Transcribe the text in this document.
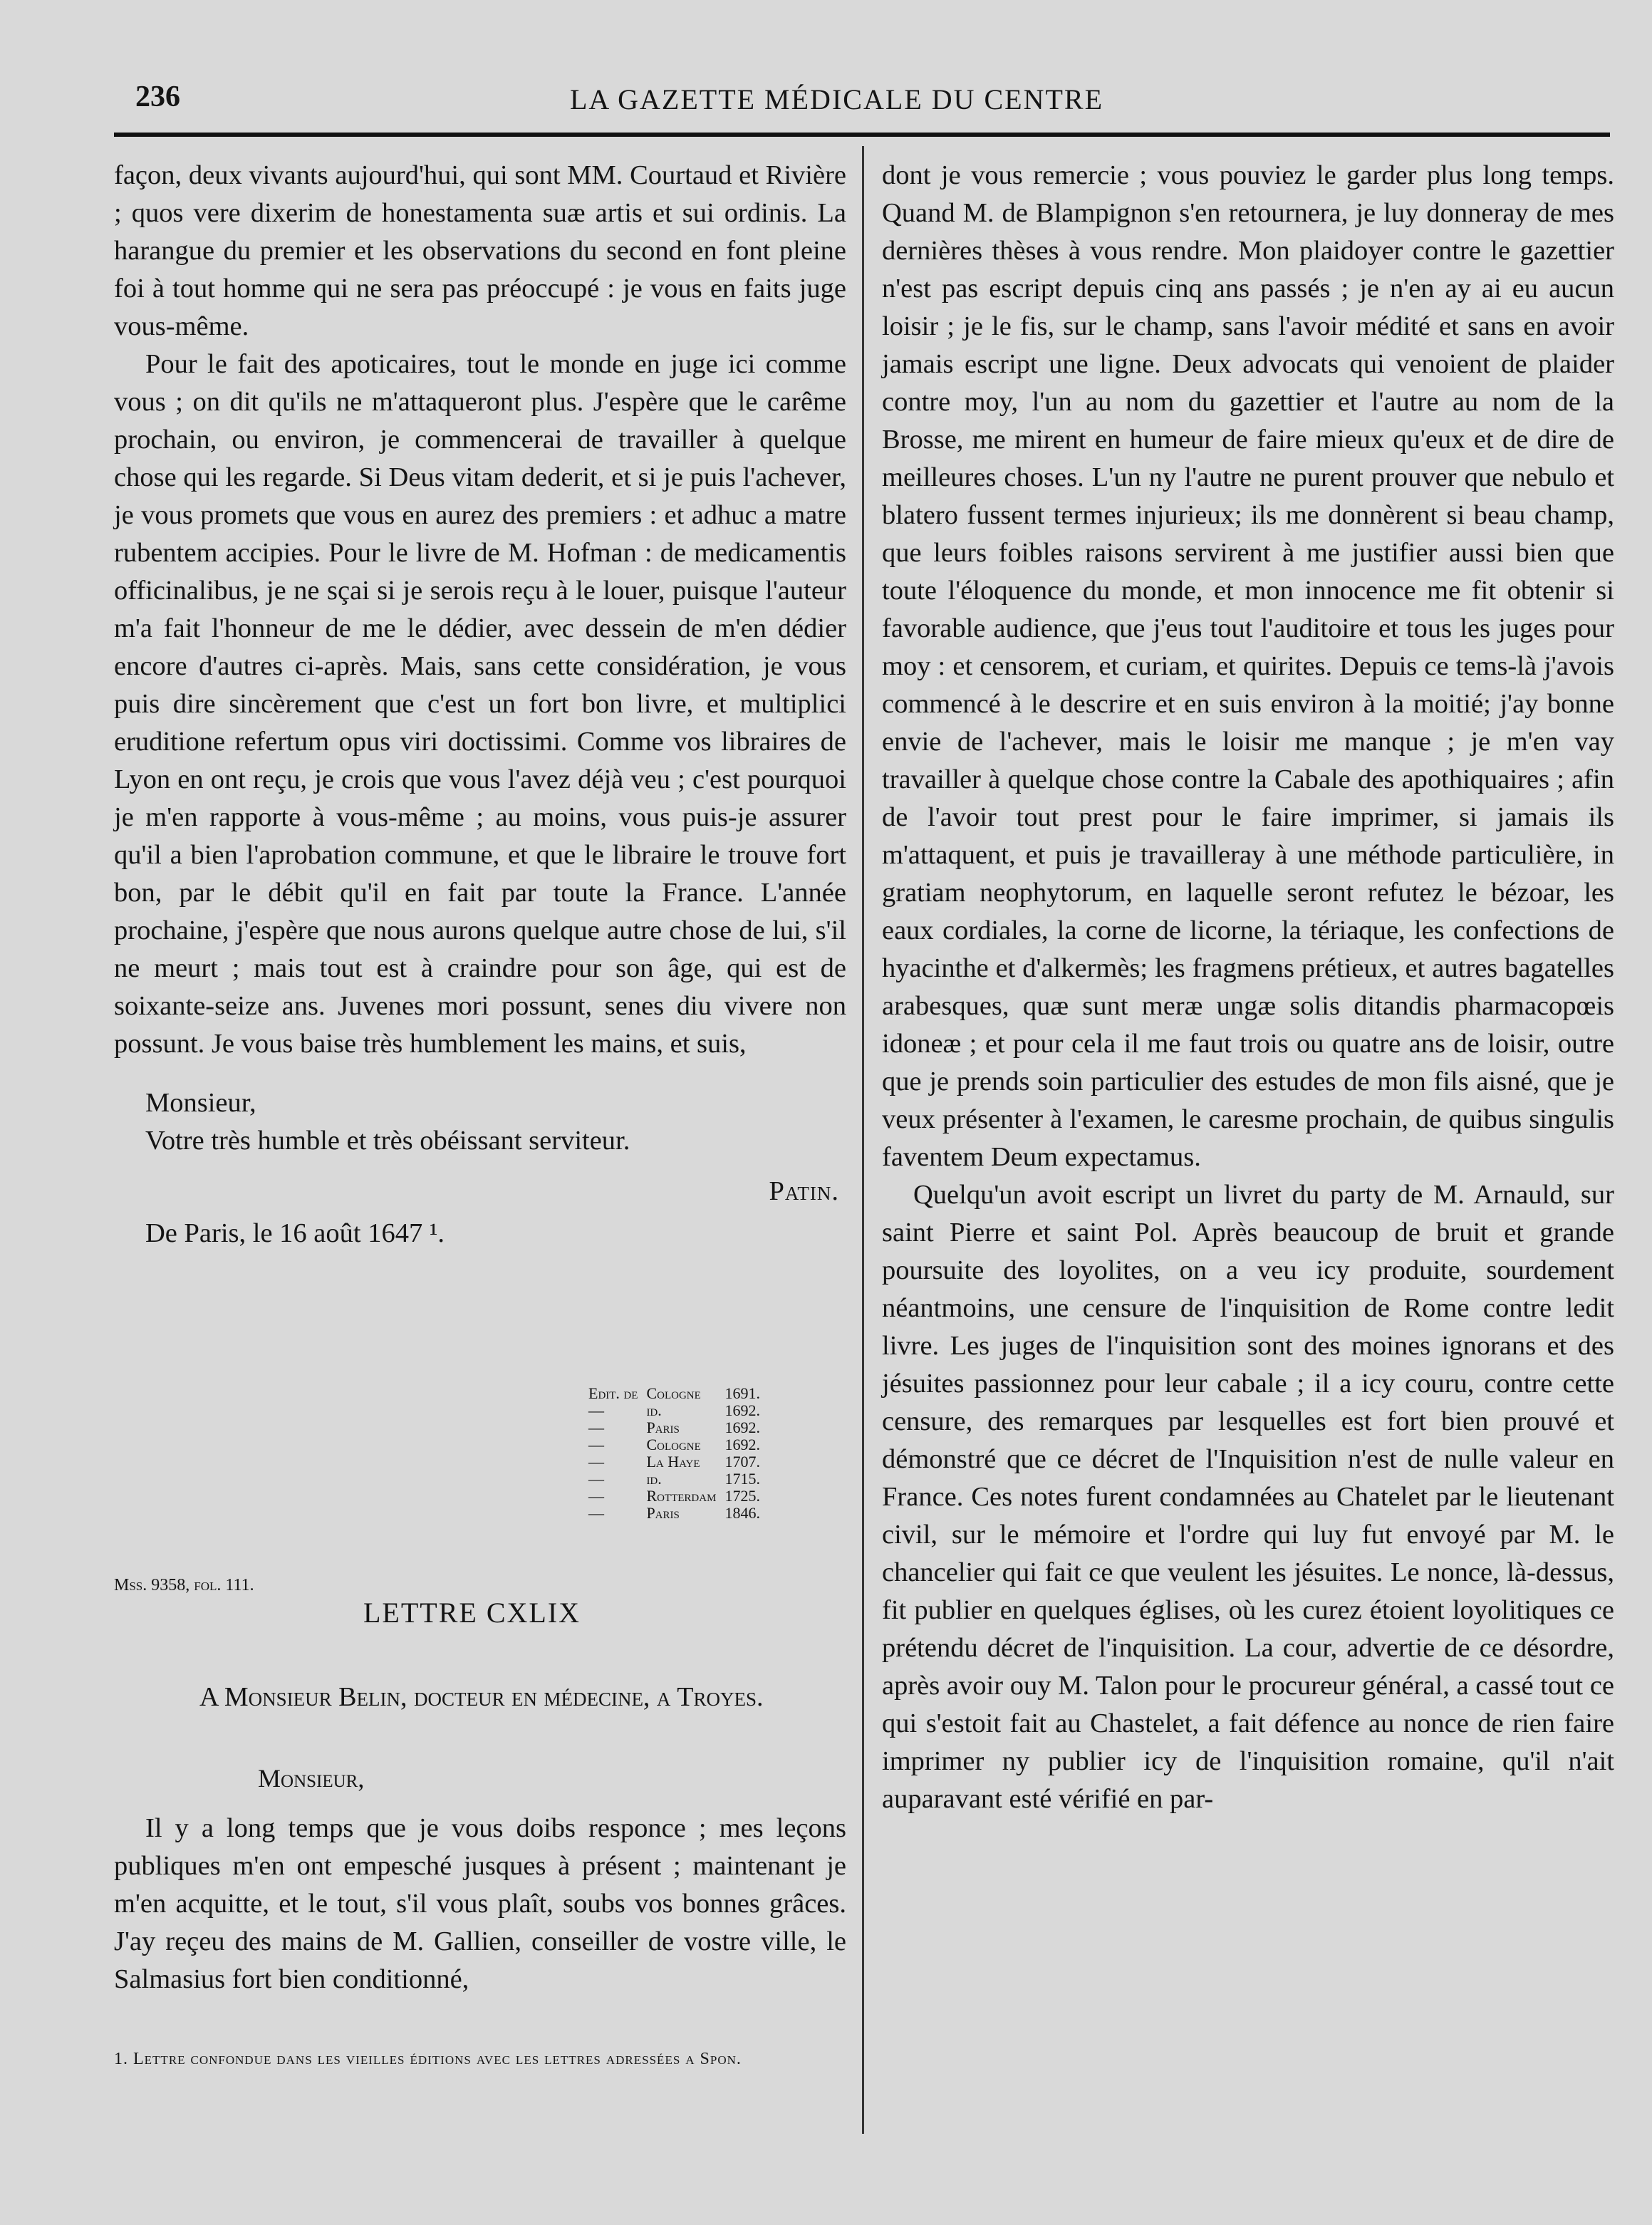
236	LA GAZETTE MÉDICALE DU CENTRE

façon, deux vivants aujourd'hui, qui sont MM. Courtaud et Rivière ; quos vere dixerim de honestamenta suæ artis et sui ordinis. La harangue du premier et les observations du second en font pleine foi à tout homme qui ne sera pas préoccupé : je vous en faits juge vous-même.

Pour le fait des apoticaires, tout le monde en juge ici comme vous ; on dit qu'ils ne m'attaqueront plus. J'espère que le carême prochain, ou environ, je commencerai de travailler à quelque chose qui les regarde. Si Deus vitam dederit, et si je puis l'achever, je vous promets que vous en aurez des premiers : et adhuc a matre rubentem accipies. Pour le livre de M. Hofman : de medicamentis officinalibus, je ne sçai si je serois reçu à le louer, puisque l'auteur m'a fait l'honneur de me le dédier, avec dessein de m'en dédier encore d'autres ci-après. Mais, sans cette considération, je vous puis dire sincèrement que c'est un fort bon livre, et multiplici eruditione refertum opus viri doctissimi. Comme vos libraires de Lyon en ont reçu, je crois que vous l'avez déjà veu ; c'est pourquoi je m'en rapporte à vous-même ; au moins, vous puis-je assurer qu'il a bien l'aprobation commune, et que le libraire le trouve fort bon, par le débit qu'il en fait par toute la France. L'année prochaine, j'espère que nous aurons quelque autre chose de lui, s'il ne meurt ; mais tout est à craindre pour son âge, qui est de soixante-seize ans. Juvenes mori possunt, senes diu vivere non possunt. Je vous baise très humblement les mains, et suis,

Monsieur,

Votre très humble et très obéissant serviteur.

Patin.

De Paris, le 16 août 1647 ¹.

Edit. de	Cologne	1691.
—	id.	1692.
—	Paris	1692.
—	Cologne	1692.
—	La Haye	1707.
—	id.	1715.
—	Rotterdam	1725.
—	Paris	1846.
Mss. 9358, fol. 111.
LETTRE CXLIX
A Monsieur Belin, docteur en médecine, a Troyes.
Monsieur,

Il y a long temps que je vous doibs responce ; mes leçons publiques m'en ont empesché jusques à présent ; maintenant je m'en acquitte, et le tout, s'il vous plaît, soubs vos bonnes grâces. J'ay reçeu des mains de M. Gallien, conseiller de vostre ville, le Salmasius fort bien conditionné,

1. Lettre confondue dans les vieilles éditions avec les lettres adressées a Spon.

dont je vous remercie ; vous pouviez le garder plus long temps. Quand M. de Blampignon s'en retournera, je luy donneray de mes dernières thèses à vous rendre. Mon plaidoyer contre le gazettier n'est pas escript depuis cinq ans passés ; je n'en ay ai eu aucun loisir ; je le fis, sur le champ, sans l'avoir médité et sans en avoir jamais escript une ligne. Deux advocats qui venoient de plaider contre moy, l'un au nom du gazettier et l'autre au nom de la Brosse, me mirent en humeur de faire mieux qu'eux et de dire de meilleures choses. L'un ny l'autre ne purent prouver que nebulo et blatero fussent termes injurieux; ils me donnèrent si beau champ, que leurs foibles raisons servirent à me justifier aussi bien que toute l'éloquence du monde, et mon innocence me fit obtenir si favorable audience, que j'eus tout l'auditoire et tous les juges pour moy : et censorem, et curiam, et quirites. Depuis ce tems-là j'avois commencé à le descrire et en suis environ à la moitié; j'ay bonne envie de l'achever, mais le loisir me manque ; je m'en vay travailler à quelque chose contre la Cabale des apothiquaires ; afin de l'avoir tout prest pour le faire imprimer, si jamais ils m'attaquent, et puis je travailleray à une méthode particulière, in gratiam neophytorum, en laquelle seront refutez le bézoar, les eaux cordiales, la corne de licorne, la tériaque, les confections de hyacinthe et d'alkermès; les fragmens prétieux, et autres bagatelles arabesques, quæ sunt meræ ungæ solis ditandis pharmacopœis idoneæ ; et pour cela il me faut trois ou quatre ans de loisir, outre que je prends soin particulier des estudes de mon fils aisné, que je veux présenter à l'examen, le caresme prochain, de quibus singulis faventem Deum expectamus.

Quelqu'un avoit escript un livret du party de M. Arnauld, sur saint Pierre et saint Pol. Après beaucoup de bruit et grande poursuite des loyolites, on a veu icy produite, sourdement néantmoins, une censure de l'inquisition de Rome contre ledit livre. Les juges de l'inquisition sont des moines ignorans et des jésuites passionnez pour leur cabale ; il a icy couru, contre cette censure, des remarques par lesquelles est fort bien prouvé et démonstré que ce décret de l'Inquisition n'est de nulle valeur en France. Ces notes furent condamnées au Chatelet par le lieutenant civil, sur le mémoire et l'ordre qui luy fut envoyé par M. le chancelier qui fait ce que veulent les jésuites. Le nonce, là-dessus, fit publier en quelques églises, où les curez étoient loyolitiques ce prétendu décret de l'inquisition. La cour, advertie de ce désordre, après avoir ouy M. Talon pour le procureur général, a cassé tout ce qui s'estoit fait au Chastelet, a fait défence au nonce de rien faire imprimer ny publier icy de l'inquisition romaine, qu'il n'ait auparavant esté vérifié en par-
